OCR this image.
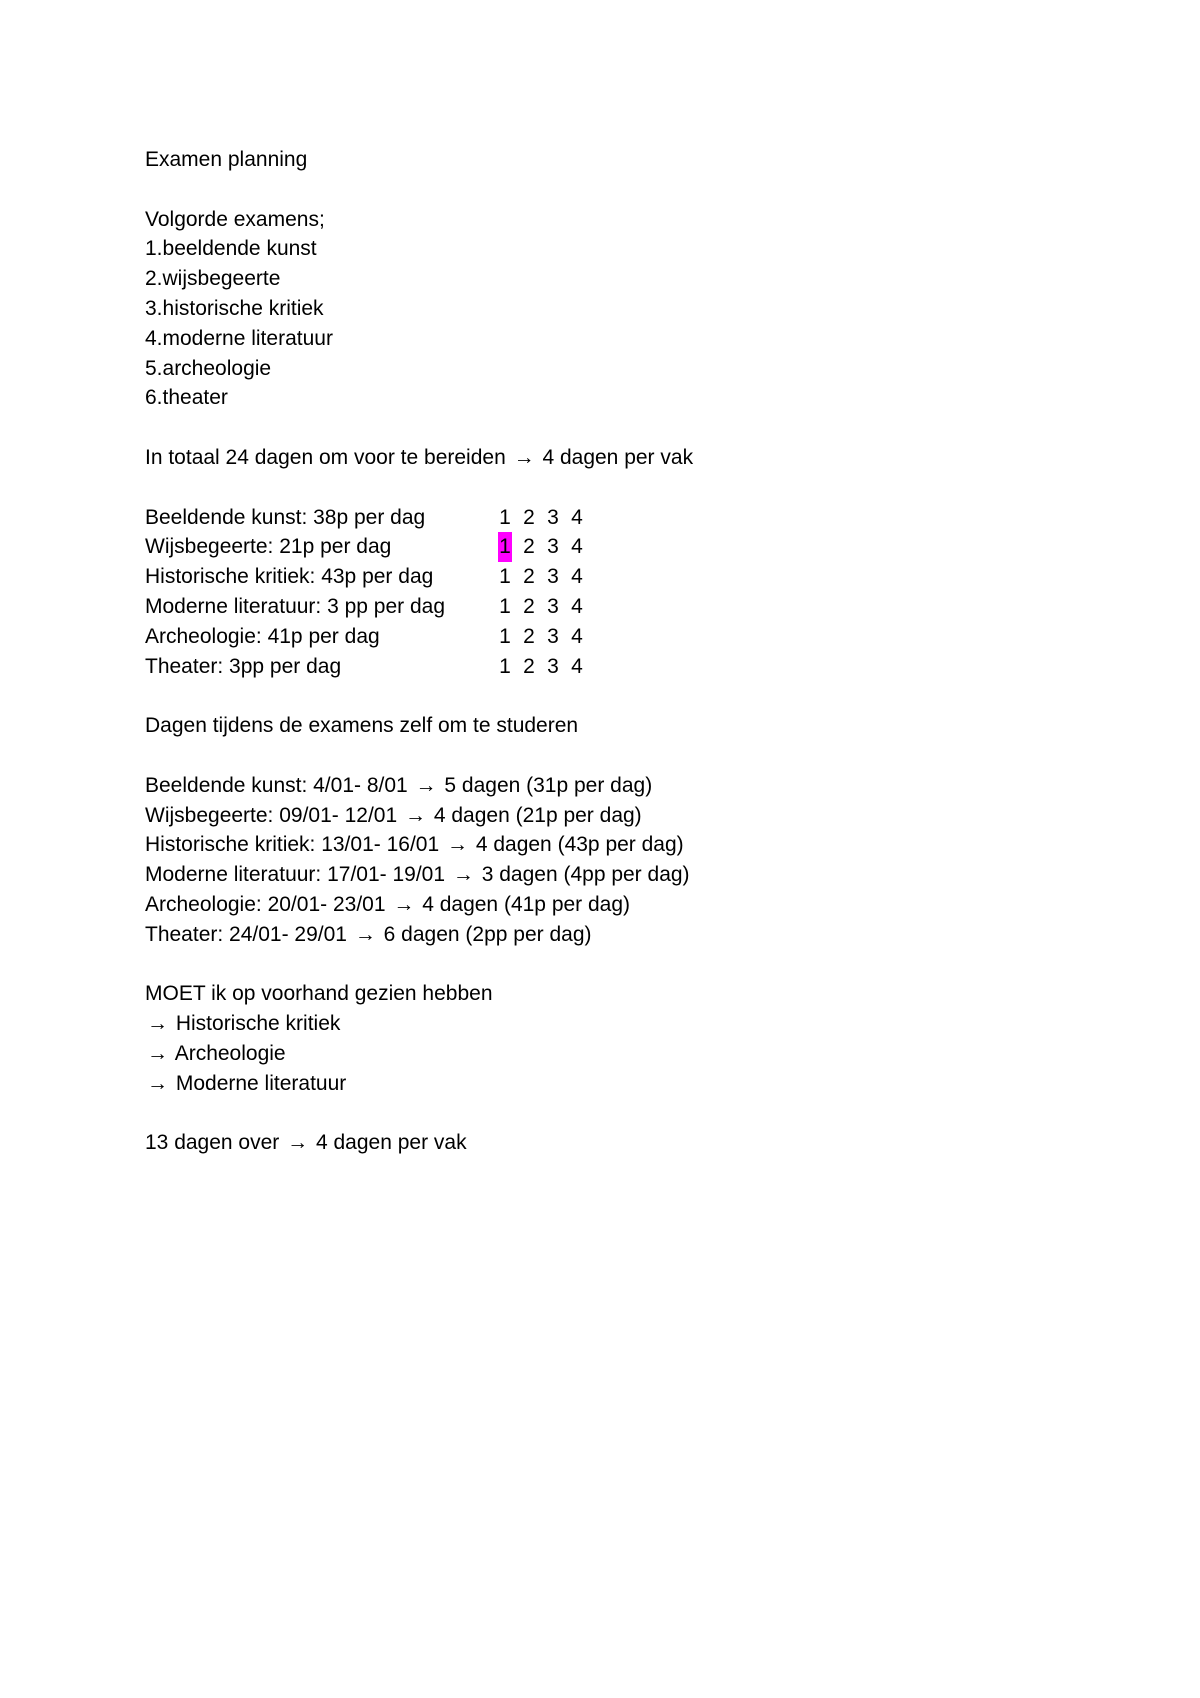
Examen planning
Volgorde examens;
1.beeldende kunst
2.wijsbegeerte
3.historische kritiek
4.moderne literatuur
5.archeologie
6.theater
In totaal 24 dagen om voor te bereiden → 4 dagen per vak
Beeldende kunst: 38p per dag	1 2 3 4
Wijsbegeerte: 21p per dag	1 2 3 4
Historische kritiek: 43p per dag	1 2 3 4
Moderne literatuur: 3 pp per dag	1 2 3 4
Archeologie: 41p per dag	1 2 3 4
Theater: 3pp per dag	1 2 3 4
Dagen tijdens de examens zelf om te studeren
Beeldende kunst: 4/01- 8/01 → 5 dagen (31p per dag)
Wijsbegeerte: 09/01- 12/01 → 4 dagen (21p per dag)
Historische kritiek: 13/01- 16/01 → 4 dagen (43p per dag)
Moderne literatuur: 17/01- 19/01 → 3 dagen (4pp per dag)
Archeologie: 20/01- 23/01 → 4 dagen (41p per dag)
Theater: 24/01- 29/01 → 6 dagen (2pp per dag)
MOET ik op voorhand gezien hebben
→ Historische kritiek
→ Archeologie
→ Moderne literatuur
13 dagen over → 4 dagen per vak
